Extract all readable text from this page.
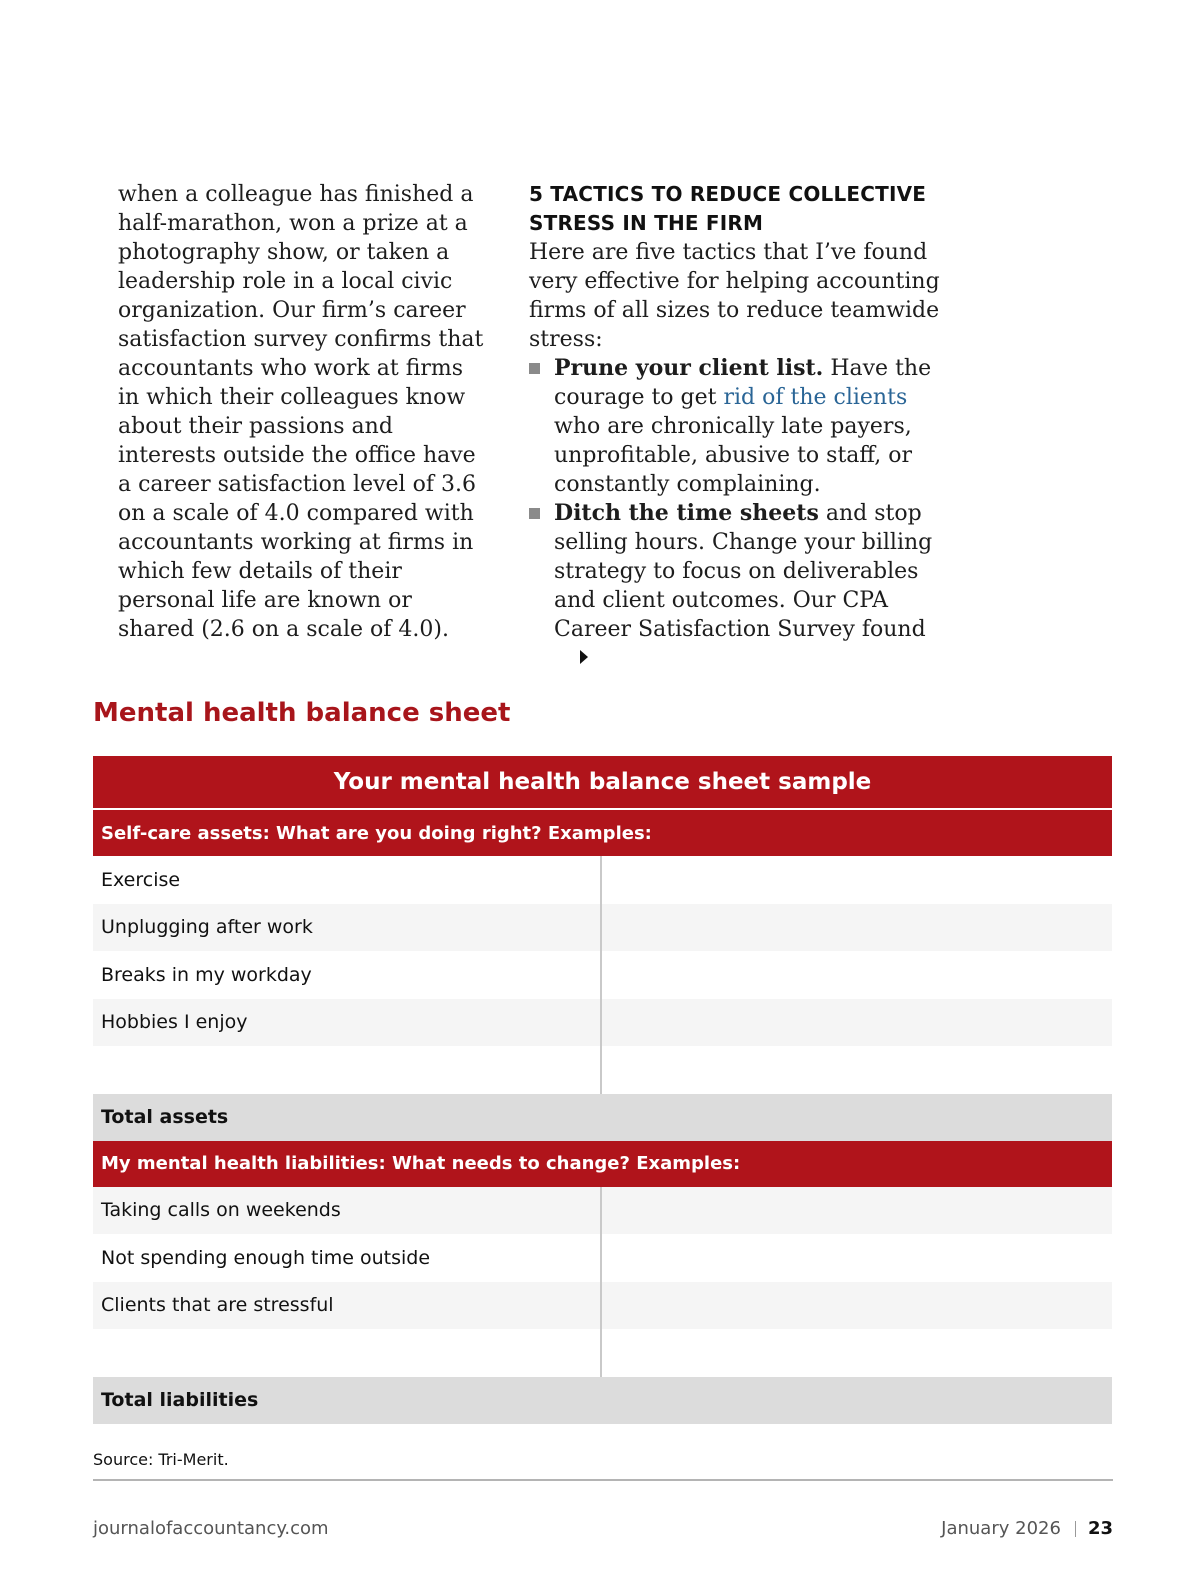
when a colleague has finished a half-marathon, won a prize at a photography show, or taken a leadership role in a local civic organization. Our firm’s career satisfaction survey confirms that accountants who work at firms in which their colleagues know about their passions and interests outside the office have a career satisfaction level of 3.6 on a scale of 4.0 compared with accountants working at firms in which few details of their personal life are known or shared (2.6 on a scale of 4.0).
5 TACTICS TO REDUCE COLLECTIVE
STRESS IN THE FIRM
Here are five tactics that I’ve found very effective for helping accounting firms of all sizes to reduce teamwide stress:
Prune your client list. Have the courage to get rid of the clients who are chronically late payers, unprofitable, abusive to staff, or constantly complaining.
Ditch the time sheets and stop selling hours. Change your billing strategy to focus on deliverables and client outcomes. Our CPA Career Satisfaction Survey found
Mental health balance sheet
Your mental health balance sheet sample
Self-care assets: What are you doing right? Examples:
Exercise
Unplugging after work
Breaks in my workday
Hobbies I enjoy
Total assets
My mental health liabilities: What needs to change? Examples:
Taking calls on weekends
Not spending enough time outside
Clients that are stressful
Total liabilities
Source: Tri-Merit.
journalofaccountancy.com	January 2026 23
